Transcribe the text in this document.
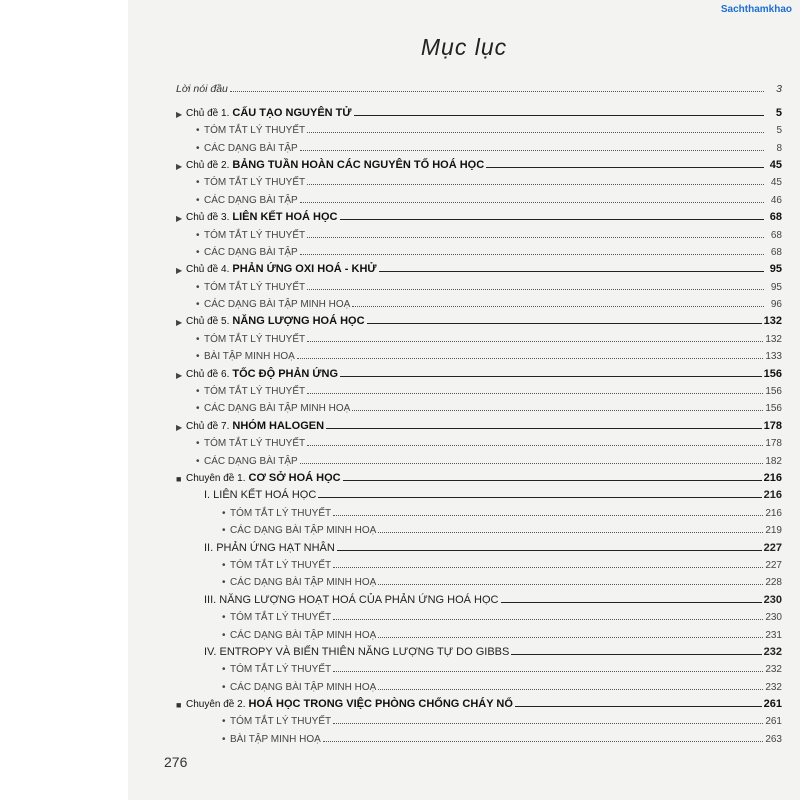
Sachthamkhao
Mục lục
Lời nói đầu	3
▶ Chủ đề 1. CẤU TẠO NGUYÊN TỬ	5
• TÓM TẮT LÝ THUYẾT	5
• CÁC DẠNG BÀI TẬP	8
▶ Chủ đề 2. BẢNG TUẦN HOÀN CÁC NGUYÊN TỐ HOÁ HỌC	45
• TÓM TẮT LÝ THUYẾT	45
• CÁC DẠNG BÀI TẬP	46
▶ Chủ đề 3. LIÊN KẾT HOÁ HỌC	68
• TÓM TẮT LÝ THUYẾT	68
• CÁC DẠNG BÀI TẬP	68
▶ Chủ đề 4. PHẢN ỨNG OXI HOÁ - KHỬ	95
• TÓM TẮT LÝ THUYẾT	95
• CÁC DẠNG BÀI TẬP MINH HOẠ	96
▶ Chủ đề 5. NĂNG LƯỢNG HOÁ HỌC	132
• TÓM TẮT LÝ THUYẾT	132
• BÀI TẬP MINH HOẠ	133
▶ Chủ đề 6. TỐC ĐỘ PHẢN ỨNG	156
• TÓM TẮT LÝ THUYẾT	156
• CÁC DẠNG BÀI TẬP MINH HOẠ	156
▶ Chủ đề 7. NHÓM HALOGEN	178
• TÓM TẮT LÝ THUYẾT	178
• CÁC DẠNG BÀI TẬP	182
■ Chuyên đề 1. CƠ SỞ HOÁ HỌC	216
I. LIÊN KẾT HOÁ HỌC	216
• TÓM TẮT LÝ THUYẾT	216
• CÁC DẠNG BÀI TẬP MINH HOẠ	219
II. PHẢN ỨNG HẠT NHÂN	227
• TÓM TẮT LÝ THUYẾT	227
• CÁC DẠNG BÀI TẬP MINH HOẠ	228
III. NĂNG LƯỢNG HOẠT HOÁ CỦA PHẢN ỨNG HOÁ HỌC	230
• TÓM TẮT LÝ THUYẾT	230
• CÁC DẠNG BÀI TẬP MINH HOẠ	231
IV. ENTROPY VÀ BIẾN THIÊN NĂNG LƯỢNG TỰ DO GIBBS	232
• TÓM TẮT LÝ THUYẾT	232
• CÁC DẠNG BÀI TẬP MINH HOẠ	232
■ Chuyên đề 2. HOÁ HỌC TRONG VIỆC PHÒNG CHỐNG CHÁY NỔ	261
• TÓM TẮT LÝ THUYẾT	261
• BÀI TẬP MINH HOẠ	263
276
